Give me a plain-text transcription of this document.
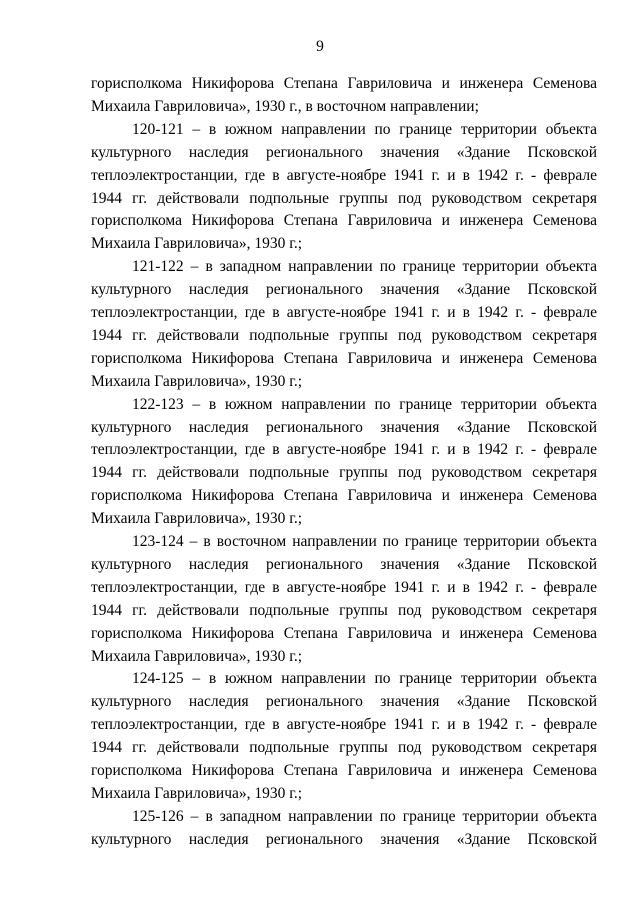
9
горисполкома Никифорова Степана Гавриловича и инженера Семенова
Михаила Гавриловича», 1930 г., в восточном направлении;
120-121 – в южном направлении по границе территории объекта
культурного наследия регионального значения «Здание Псковской
теплоэлектростанции, где в августе-ноябре 1941 г. и в 1942 г. - феврале
1944 гг. действовали подпольные группы под руководством секретаря
горисполкома Никифорова Степана Гавриловича и инженера Семенова
Михаила Гавриловича», 1930 г.;
121-122 – в западном направлении по границе территории объекта
культурного наследия регионального значения «Здание Псковской
теплоэлектростанции, где в августе-ноябре 1941 г. и в 1942 г. - феврале
1944 гг. действовали подпольные группы под руководством секретаря
горисполкома Никифорова Степана Гавриловича и инженера Семенова
Михаила Гавриловича», 1930 г.;
122-123 – в южном направлении по границе территории объекта
культурного наследия регионального значения «Здание Псковской
теплоэлектростанции, где в августе-ноябре 1941 г. и в 1942 г. - феврале
1944 гг. действовали подпольные группы под руководством секретаря
горисполкома Никифорова Степана Гавриловича и инженера Семенова
Михаила Гавриловича», 1930 г.;
123-124 – в восточном направлении по границе территории объекта
культурного наследия регионального значения «Здание Псковской
теплоэлектростанции, где в августе-ноябре 1941 г. и в 1942 г. - феврале
1944 гг. действовали подпольные группы под руководством секретаря
горисполкома Никифорова Степана Гавриловича и инженера Семенова
Михаила Гавриловича», 1930 г.;
124-125 – в южном направлении по границе территории объекта
культурного наследия регионального значения «Здание Псковской
теплоэлектростанции, где в августе-ноябре 1941 г. и в 1942 г. - феврале
1944 гг. действовали подпольные группы под руководством секретаря
горисполкома Никифорова Степана Гавриловича и инженера Семенова
Михаила Гавриловича», 1930 г.;
125-126 – в западном направлении по границе территории объекта
культурного наследия регионального значения «Здание Псковской
